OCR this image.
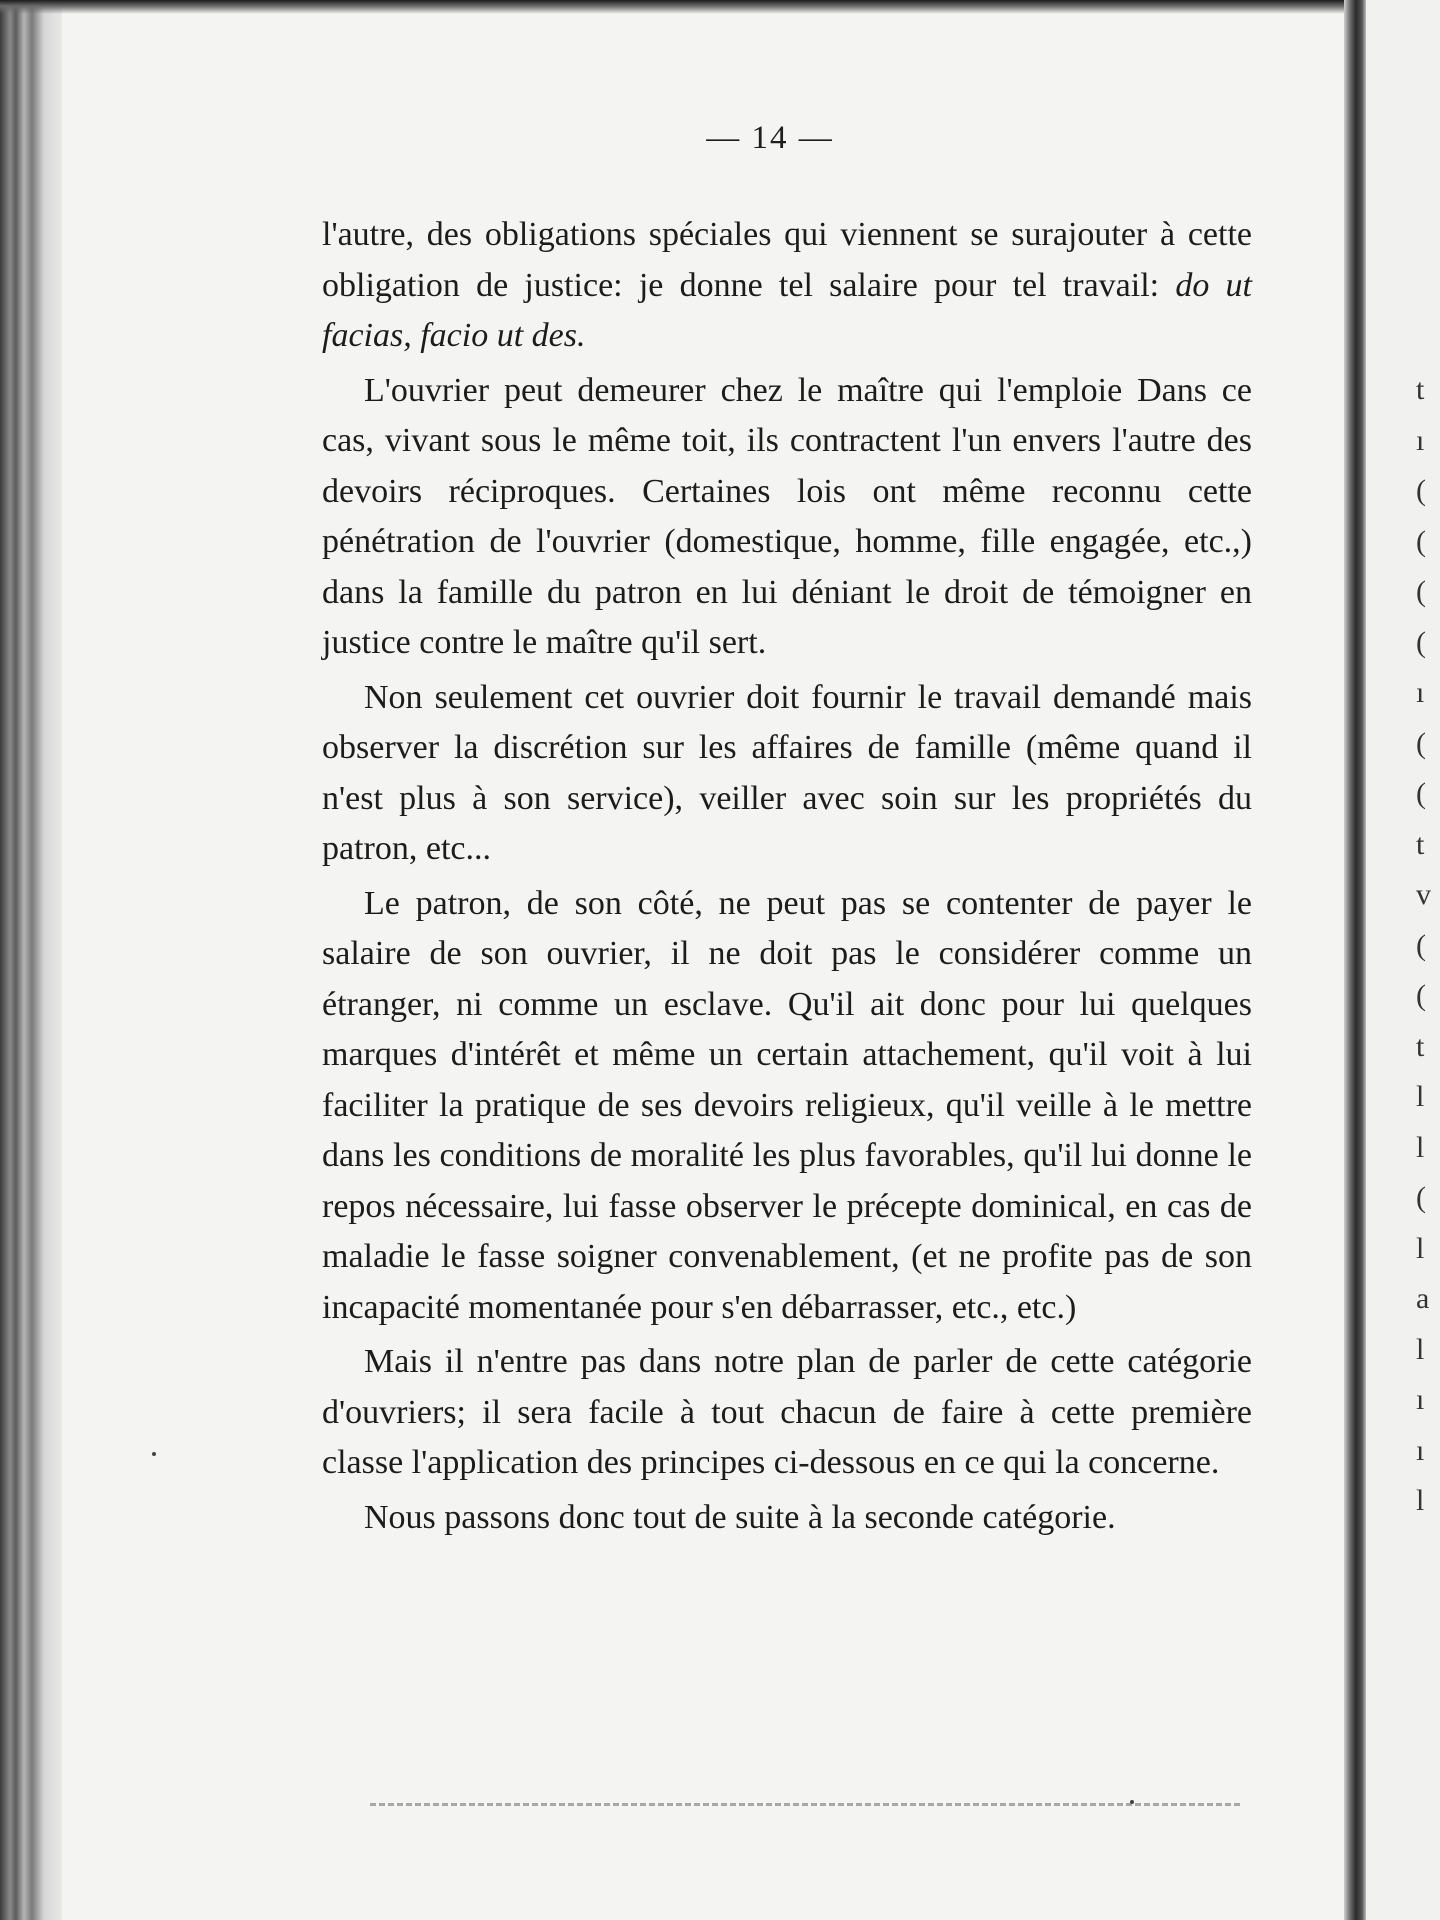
— 14 —

l'autre, des obligations spéciales qui viennent se surajouter à cette obligation de justice: je donne tel salaire pour tel travail: do ut facias, facio ut des.

L'ouvrier peut demeurer chez le maître qui l'emploie Dans ce cas, vivant sous le même toit, ils contractent l'un envers l'autre des devoirs réciproques. Certaines lois ont même reconnu cette pénétration de l'ouvrier (domestique, homme, fille engagée, etc.,) dans la famille du patron en lui déniant le droit de témoigner en justice contre le maître qu'il sert.

Non seulement cet ouvrier doit fournir le travail demandé mais observer la discrétion sur les affaires de famille (même quand il n'est plus à son service), veiller avec soin sur les propriétés du patron, etc...

Le patron, de son côté, ne peut pas se contenter de payer le salaire de son ouvrier, il ne doit pas le considérer comme un étranger, ni comme un esclave. Qu'il ait donc pour lui quelques marques d'intérêt et même un certain attachement, qu'il voit à lui faciliter la pratique de ses devoirs religieux, qu'il veille à le mettre dans les conditions de moralité les plus favorables, qu'il lui donne le repos nécessaire, lui fasse observer le précepte dominical, en cas de maladie le fasse soigner convenablement, (et ne profite pas de son incapacité momentanée pour s'en débarrasser, etc., etc.)

Mais il n'entre pas dans notre plan de parler de cette catégorie d'ouvriers; il sera facile à tout chacun de faire à cette première classe l'application des principes ci-dessous en ce qui la concerne.

Nous passons donc tout de suite à la seconde catégorie.

t
ı
(
(
(
(
ı
(
(
t
v
(
(
t
l
l
(
l
a
l
ı
ı
l
